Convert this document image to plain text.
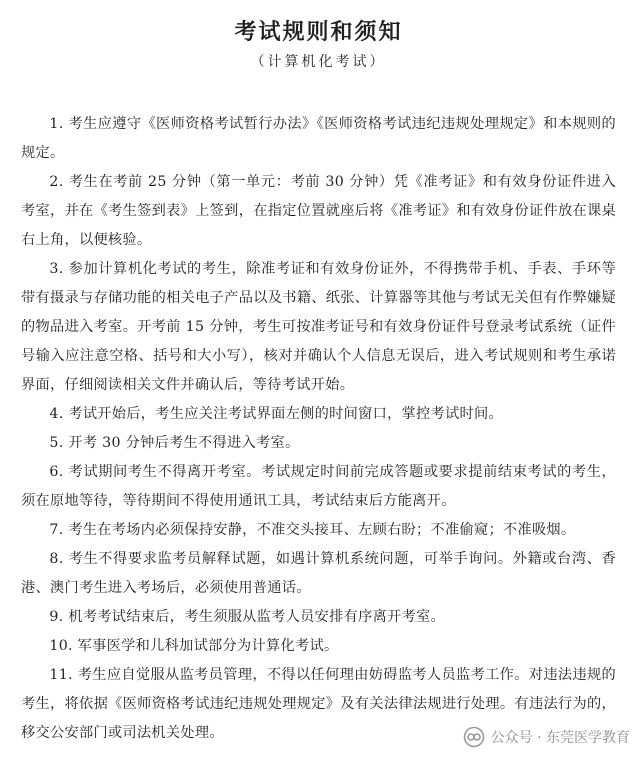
考试规则和须知
（计算机化考试）

1. 考生应遵守《医师资格考试暂行办法》《医师资格考试违纪违规处理规定》和本规则的规定。

2. 考生在考前 25 分钟（第一单元：考前 30 分钟）凭《准考证》和有效身份证件进入考室，并在《考生签到表》上签到，在指定位置就座后将《准考证》和有效身份证件放在课桌右上角，以便核验。

3. 参加计算机化考试的考生，除准考证和有效身份证外，不得携带手机、手表、手环等带有摄录与存储功能的相关电子产品以及书籍、纸张、计算器等其他与考试无关但有作弊嫌疑的物品进入考室。开考前 15 分钟，考生可按准考证号和有效身份证件号登录考试系统（证件号输入应注意空格、括号和大小写），核对并确认个人信息无误后，进入考试规则和考生承诺界面，仔细阅读相关文件并确认后，等待考试开始。

4. 考试开始后，考生应关注考试界面左侧的时间窗口，掌控考试时间。

5. 开考 30 分钟后考生不得进入考室。

6. 考试期间考生不得离开考室。考试规定时间前完成答题或要求提前结束考试的考生，须在原地等待，等待期间不得使用通讯工具，考试结束后方能离开。

7. 考生在考场内必须保持安静，不准交头接耳、左顾右盼；不准偷窥；不准吸烟。

8. 考生不得要求监考员解释试题，如遇计算机系统问题，可举手询问。外籍或台湾、香港、澳门考生进入考场后，必须使用普通话。

9. 机考考试结束后，考生须服从监考人员安排有序离开考室。

10. 军事医学和儿科加试部分为计算化考试。

11. 考生应自觉服从监考员管理，不得以任何理由妨碍监考人员监考工作。对违法违规的考生，将依据《医师资格考试违纪违规处理规定》及有关法律法规进行处理。有违法行为的，移交公安部门或司法机关处理。	公众号 · 东莞医学教育
